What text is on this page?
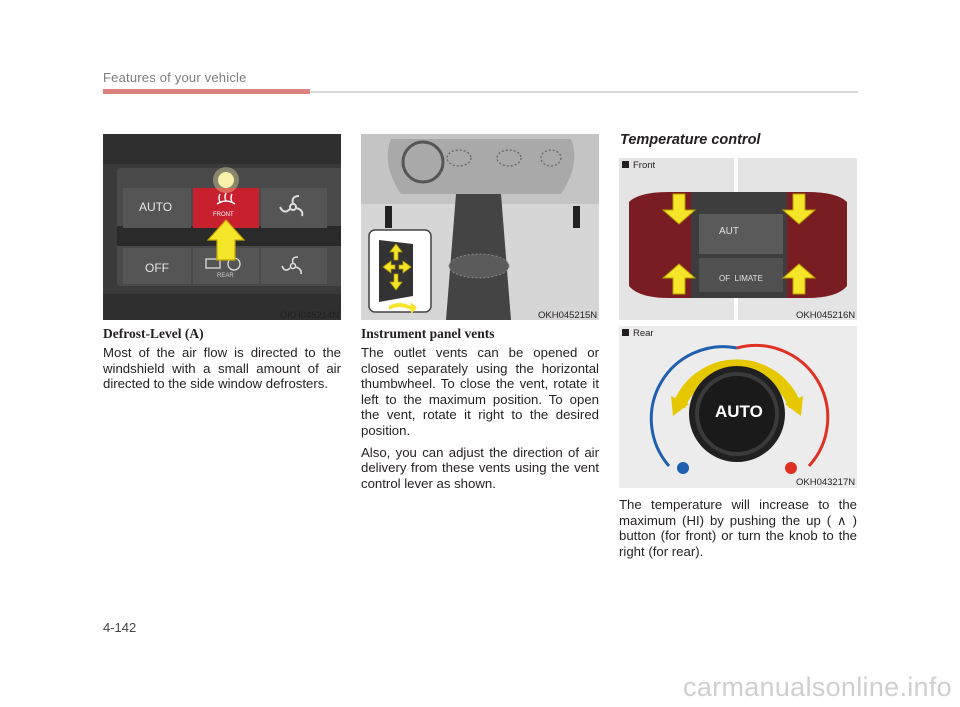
Features of your vehicle
AUTO
FRONT
OFF
REAR
OKH045214N	OKH045215N
Temperature control
AUT
OF  LIMATE
Front
OKH045216N
AUTO
Rear
OKH043217N
Defrost-Level (A)

Most of the air flow is directed to the windshield with a small amount of air directed to the side window defrosters.

Instrument panel vents

The outlet vents can be opened or closed separately using the horizontal thumbwheel. To close the vent, rotate it left to the maximum position. To open the vent, rotate it right to the desired position.

Also, you can adjust the direction of air delivery from these vents using the vent control lever as shown.

The temperature will increase to the maximum (HI) by pushing the up ( ∧ ) button (for front) or turn the knob to the right (for rear).

4-142
carmanualsonline.info
